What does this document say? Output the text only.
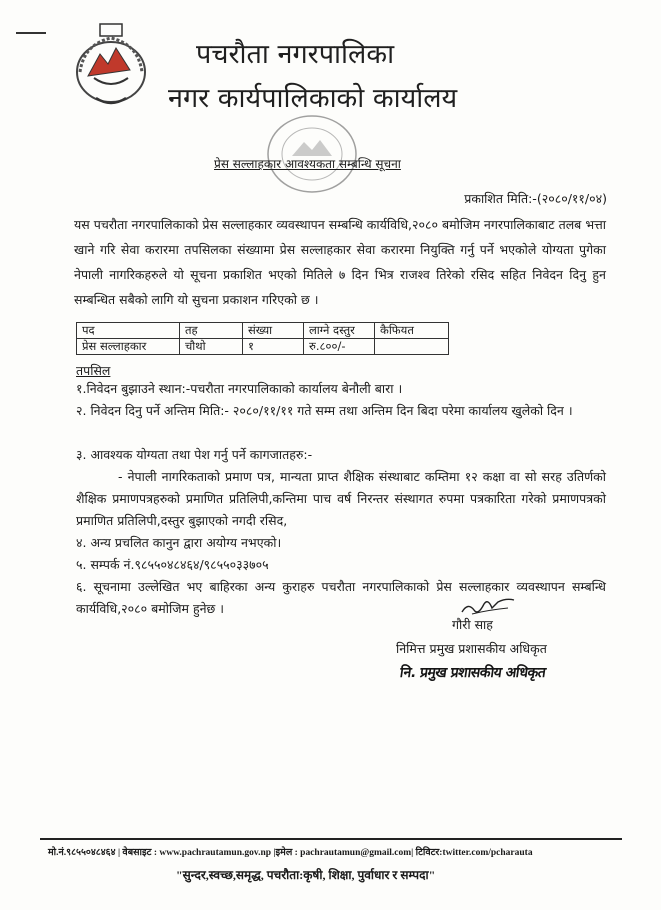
पचरौता नगरपालिका
नगर कार्यपालिकाको कार्यालय
प्रेस सल्लाहकार आवश्यकता सम्बन्धि सूचना
प्रकाशित मिति:-(२०८०/११/०४)
यस पचरौता नगरपालिकाको प्रेस सल्लाहकार व्यवस्थापन सम्बन्धि कार्यविधि,२०८० बमोजिम नगरपालिकाबाट तलब भत्ता खाने गरि सेवा करारमा तपसिलका संख्यामा प्रेस सल्लाहकार सेवा करारमा नियुक्ति गर्नु पर्ने भएकोले योग्यता पुगेका नेपाली नागरिकहरुले यो सूचना प्रकाशित भएको मितिले ७ दिन भित्र राजश्व तिरेको रसिद सहित निवेदन दिनु हुन सम्बन्धित सबैको लागि यो सुचना प्रकाशन गरिएको छ ।
पद	तह	संख्या	लाग्ने दस्तुर	कैफियत
प्रेस सल्लाहकार	चौथो	१	रु.८००/-	
तपसिल
१.निवेदन बुझाउने स्थान:-पचरौता नगरपालिकाको कार्यालय बेनौली बारा ।
२. निवेदन दिनु पर्ने अन्तिम मिति:- २०८०/११/११ गते सम्म तथा अन्तिम दिन बिदा परेमा कार्यालय खुलेको दिन ।
३. आवश्यक योग्यता तथा पेश गर्नु पर्ने कागजातहरु:-
- नेपाली नागरिकताको प्रमाण पत्र, मान्यता प्राप्त शैक्षिक संस्थाबाट कम्तिमा १२ कक्षा वा सो सरह उतिर्णको शैक्षिक प्रमाणपत्रहरुको प्रमाणित प्रतिलिपी,कन्तिमा पाच वर्ष निरन्तर संस्थागत रुपमा पत्रकारिता गरेको प्रमाणपत्रको प्रमाणित प्रतिलिपी,दस्तुर बुझाएको नगदी रसिद,
४. अन्य प्रचलित कानुन द्वारा अयोग्य नभएको।
५. सम्पर्क नं.९८५५०४८४६४/९८५५०३३७०५
६. सूचनामा उल्लेखित भए बाहिरका अन्य कुराहरु पचरौता नगरपालिकाको प्रेस सल्लाहकार व्यवस्थापन सम्बन्धि कार्यविधि,२०८० बमोजिम हुनेछ ।
गौरी साह
निमित्त प्रमुख प्रशासकीय अधिकृत
नि. प्रमुख प्रशासकीय अधिकृत
मो.नं.९८५५०४८४६४ | वेबसाइट : www.pachrautamun.gov.np |इमेल : pachrautamun@gmail.com| टिविटर:twitter.com/pcharauta
"सुन्दर,स्वच्छ,समृद्ध, पचरौता:कृषी, शिक्षा, पुर्वाधार र सम्पदा"
